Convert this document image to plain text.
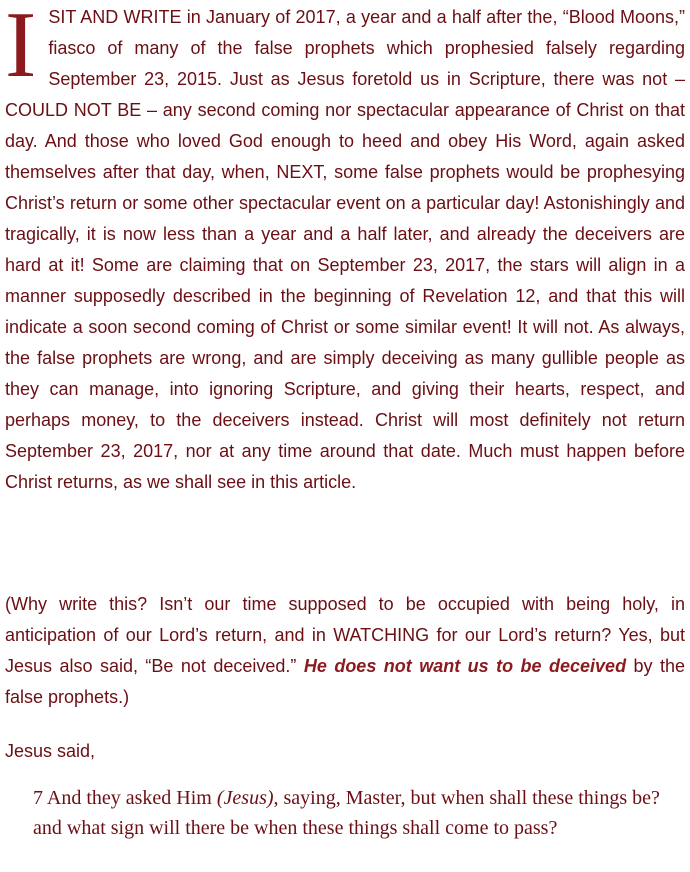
I SIT AND WRITE in January of 2017, a year and a half after the, “Blood Moons,” fiasco of many of the false prophets which prophesied falsely regarding September 23, 2015. Just as Jesus foretold us in Scripture, there was not – COULD NOT BE – any second coming nor spectacular appearance of Christ on that day. And those who loved God enough to heed and obey His Word, again asked themselves after that day, when, NEXT, some false prophets would be prophesying Christ’s return or some other spectacular event on a particular day! Astonishingly and tragically, it is now less than a year and a half later, and already the deceivers are hard at it! Some are claiming that on September 23, 2017, the stars will align in a manner supposedly described in the beginning of Revelation 12, and that this will indicate a soon second coming of Christ or some similar event! It will not. As always, the false prophets are wrong, and are simply deceiving as many gullible people as they can manage, into ignoring Scripture, and giving their hearts, respect, and perhaps money, to the deceivers instead. Christ will most definitely not return September 23, 2017, nor at any time around that date. Much must happen before Christ returns, as we shall see in this article.

(Why write this? Isn’t our time supposed to be occupied with being holy, in anticipation of our Lord’s return, and in WATCHING for our Lord’s return? Yes, but Jesus also said, “Be not deceived.” He does not want us to be deceived by the false prophets.)

Jesus said,

7 And they asked Him (Jesus), saying, Master, but when shall these things be? and what sign will there be when these things shall come to pass?
